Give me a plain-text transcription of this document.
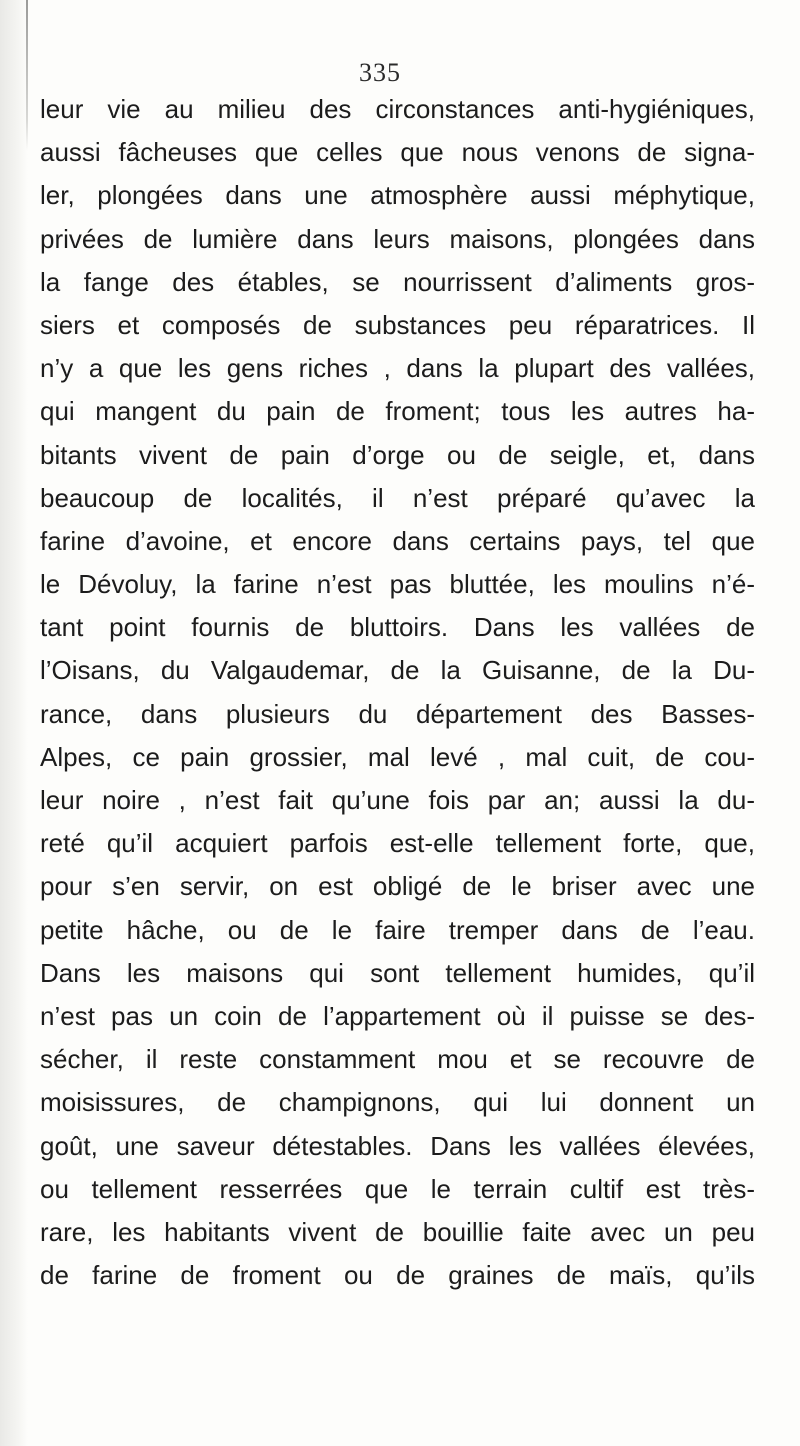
335
leur vie au milieu des circonstances anti-hygiéniques,
aussi fâcheuses que celles que nous venons de signa-
ler, plongées dans une atmosphère aussi méphytique,
privées de lumière dans leurs maisons, plongées dans
la fange des étables, se nourrissent d’aliments gros-
siers et composés de substances peu réparatrices. Il
n’y a que les gens riches , dans la plupart des vallées,
qui mangent du pain de froment; tous les autres ha-
bitants vivent de pain d’orge ou de seigle, et, dans
beaucoup de localités, il n’est préparé qu’avec la
farine d’avoine, et encore dans certains pays, tel que
le Dévoluy, la farine n’est pas bluttée, les moulins n’é-
tant point fournis de bluttoirs. Dans les vallées de
l’Oisans, du Valgaudemar, de la Guisanne, de la Du-
rance, dans plusieurs du département des Basses-
Alpes, ce pain grossier, mal levé , mal cuit, de cou-
leur noire , n’est fait qu’une fois par an; aussi la du-
reté qu’il acquiert parfois est-elle tellement forte, que,
pour s’en servir, on est obligé de le briser avec une
petite hâche, ou de le faire tremper dans de l’eau.
Dans les maisons qui sont tellement humides, qu’il
n’est pas un coin de l’appartement où il puisse se des-
sécher, il reste constamment mou et se recouvre de
moisissures, de champignons, qui lui donnent un
goût, une saveur détestables. Dans les vallées élevées,
ou tellement resserrées que le terrain cultif est très-
rare, les habitants vivent de bouillie faite avec un peu
de farine de froment ou de graines de maïs, qu’ils
